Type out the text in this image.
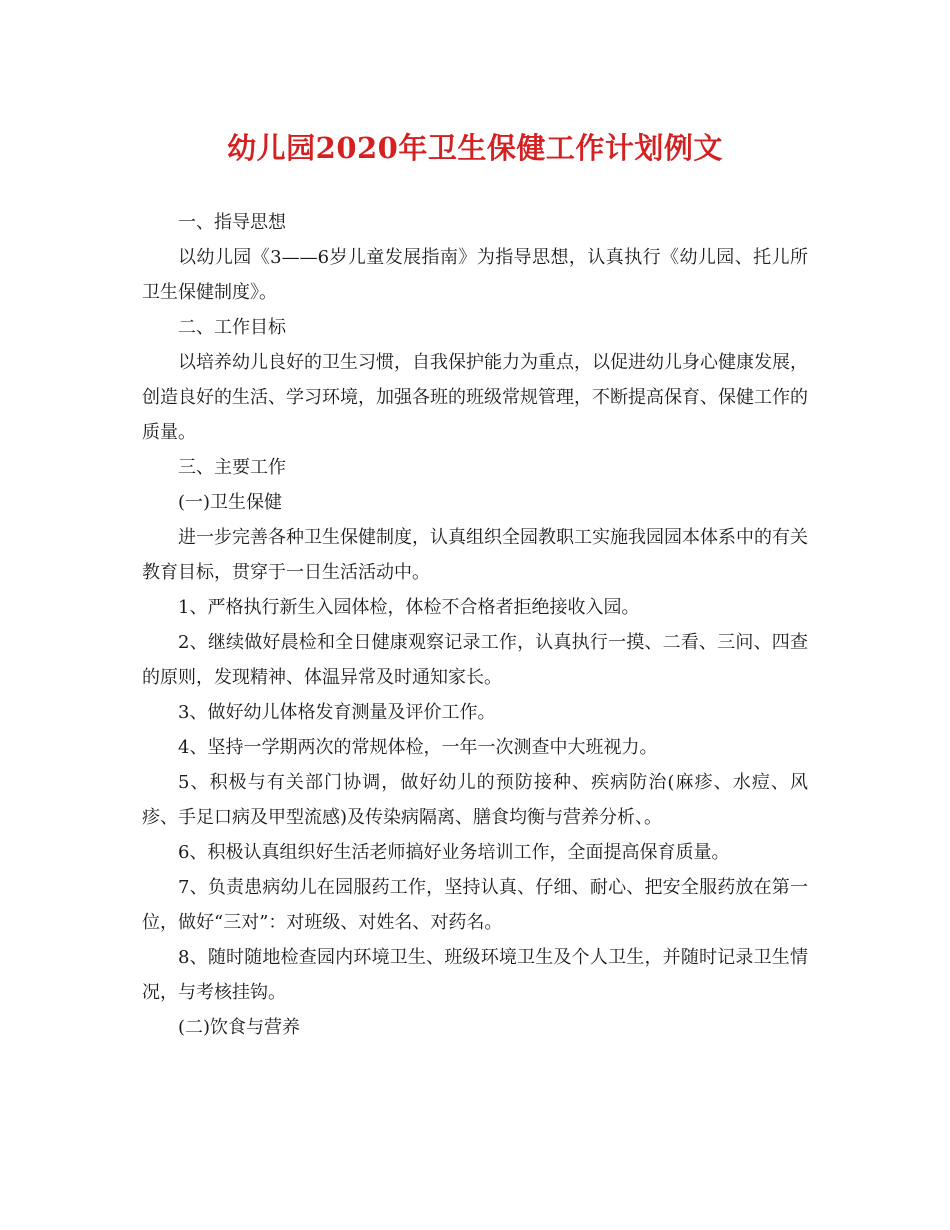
幼儿园2020年卫生保健工作计划例文

一、指导思想

以幼儿园《3——6岁儿童发展指南》为指导思想，认真执行《幼儿园、托儿所卫生保健制度》。

二、工作目标

以培养幼儿良好的卫生习惯，自我保护能力为重点，以促进幼儿身心健康发展，创造良好的生活、学习环境，加强各班的班级常规管理，不断提高保育、保健工作的质量。

三、主要工作

(一)卫生保健

进一步完善各种卫生保健制度，认真组织全园教职工实施我园园本体系中的有关教育目标，贯穿于一日生活活动中。

1、严格执行新生入园体检，体检不合格者拒绝接收入园。

2、继续做好晨检和全日健康观察记录工作，认真执行一摸、二看、三问、四查的原则，发现精神、体温异常及时通知家长。

3、做好幼儿体格发育测量及评价工作。

4、坚持一学期两次的常规体检，一年一次测查中大班视力。

5、积极与有关部门协调，做好幼儿的预防接种、疾病防治(麻疹、水痘、风疹、手足口病及甲型流感)及传染病隔离、膳食均衡与营养分析、。

6、积极认真组织好生活老师搞好业务培训工作，全面提高保育质量。

7、负责患病幼儿在园服药工作，坚持认真、仔细、耐心、把安全服药放在第一位，做好“三对”：对班级、对姓名、对药名。

8、随时随地检查园内环境卫生、班级环境卫生及个人卫生，并随时记录卫生情况，与考核挂钩。

(二)饮食与营养
